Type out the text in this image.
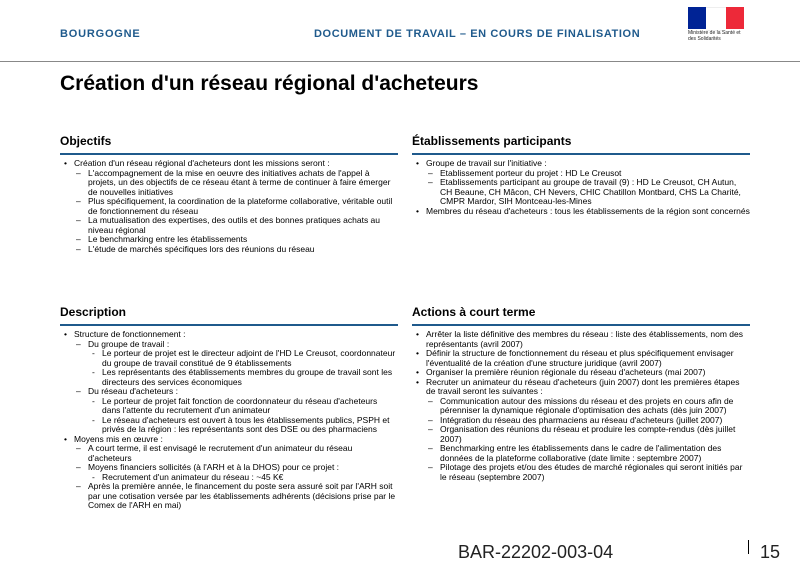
BOURGOGNE	DOCUMENT DE TRAVAIL – EN COURS DE FINALISATION	Ministère de la Santé et des Solidarités
Création d'un réseau régional d'acheteurs
Objectifs
• Création d'un réseau régional d'acheteurs dont les missions seront :
– L'accompagnement de la mise en oeuvre des initiatives achats de l'appel à projets, un des objectifs de ce réseau étant à terme de continuer à faire émerger de nouvelles initiatives
– Plus spécifiquement, la coordination de la plateforme collaborative, véritable outil de fonctionnement du réseau
– La mutualisation des expertises, des outils et des bonnes pratiques achats au niveau régional
– Le benchmarking entre les établissements
– L'étude de marchés spécifiques lors des réunions du réseau
Établissements participants
• Groupe de travail sur l'initiative :
– Etablissement porteur du projet : HD Le Creusot
– Etablissements participant au groupe de travail (9) : HD Le Creusot, CH Autun, CH Beaune, CH Mâcon, CH Nevers, CHIC Chatillon Montbard, CHS La Charité, CMPR Mardor, SIH Montceau-les-Mines
• Membres du réseau d'acheteurs : tous les établissements de la région sont concernés
Description
• Structure de fonctionnement :
– Du groupe de travail :
- Le porteur de projet est le directeur adjoint de l'HD Le Creusot, coordonnateur du groupe de travail constitué de 9 établissements
- Les représentants des établissements membres du groupe de travail sont les directeurs des services économiques
– Du réseau d'acheteurs :
- Le porteur de projet fait fonction de coordonnateur du réseau d'acheteurs dans l'attente du recrutement d'un animateur
- Le réseau d'acheteurs est ouvert à tous les établissements publics, PSPH et privés de la région : les représentants sont des DSE ou des pharmaciens
• Moyens mis en œuvre :
– A court terme, il est envisagé le recrutement d'un animateur du réseau d'acheteurs
– Moyens financiers sollicités (à l'ARH et à la DHOS) pour ce projet :
- Recrutement d'un animateur du réseau : ~45 K€
– Après la première année, le financement du poste sera assuré soit par l'ARH soit par une cotisation versée par les établissements adhérents (décisions prise par le Comex de l'ARH en mai)
Actions à court terme
• Arrêter la liste définitive des membres du réseau : liste des établissements, nom des représentants (avril 2007)
• Définir la structure de fonctionnement du réseau et plus spécifiquement envisager l'éventualité de la création d'une structure juridique (avril 2007)
• Organiser la première réunion régionale du réseau d'acheteurs (mai 2007)
• Recruter un animateur du réseau d'acheteurs (juin 2007) dont les premières étapes de travail seront les suivantes :
– Communication autour des missions du réseau et des projets en cours afin de pérenniser la dynamique régionale d'optimisation des achats (dès juin 2007)
– Intégration du réseau des pharmaciens au réseau d'acheteurs (juillet 2007)
– Organisation des réunions du réseau et produire les compte-rendus (dès juillet 2007)
– Benchmarking entre les établissements dans le cadre de l'alimentation des données de la plateforme collaborative (date limite : septembre 2007)
– Pilotage des projets et/ou des études de marché régionales qui seront initiés par le réseau (septembre 2007)
BAR-22202-003-04	15
